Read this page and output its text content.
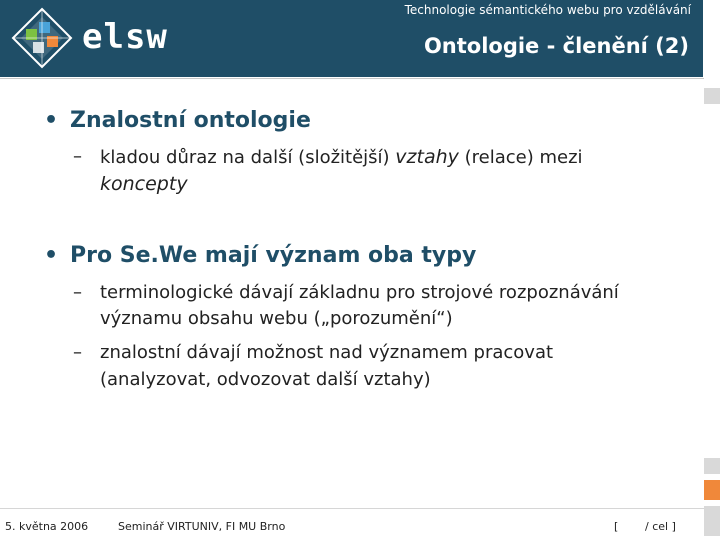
elsw
Technologie sémantického webu pro vzdělávání
Ontologie - členění (2)
• Znalostní ontologie
– kladou důraz na další (složitější) vztahy (relace) mezi
koncepty
• Pro Se.We mají význam oba typy
– terminologické dávají základnu pro strojové rozpoznávání
významu obsahu webu („porozumění“)
– znalostní dávají možnost nad významem pracovat
(analyzovat, odvozovat další vztahy)
5. května 2006	Seminář VIRTUNIV, FI MU Brno	[ / cel ]
